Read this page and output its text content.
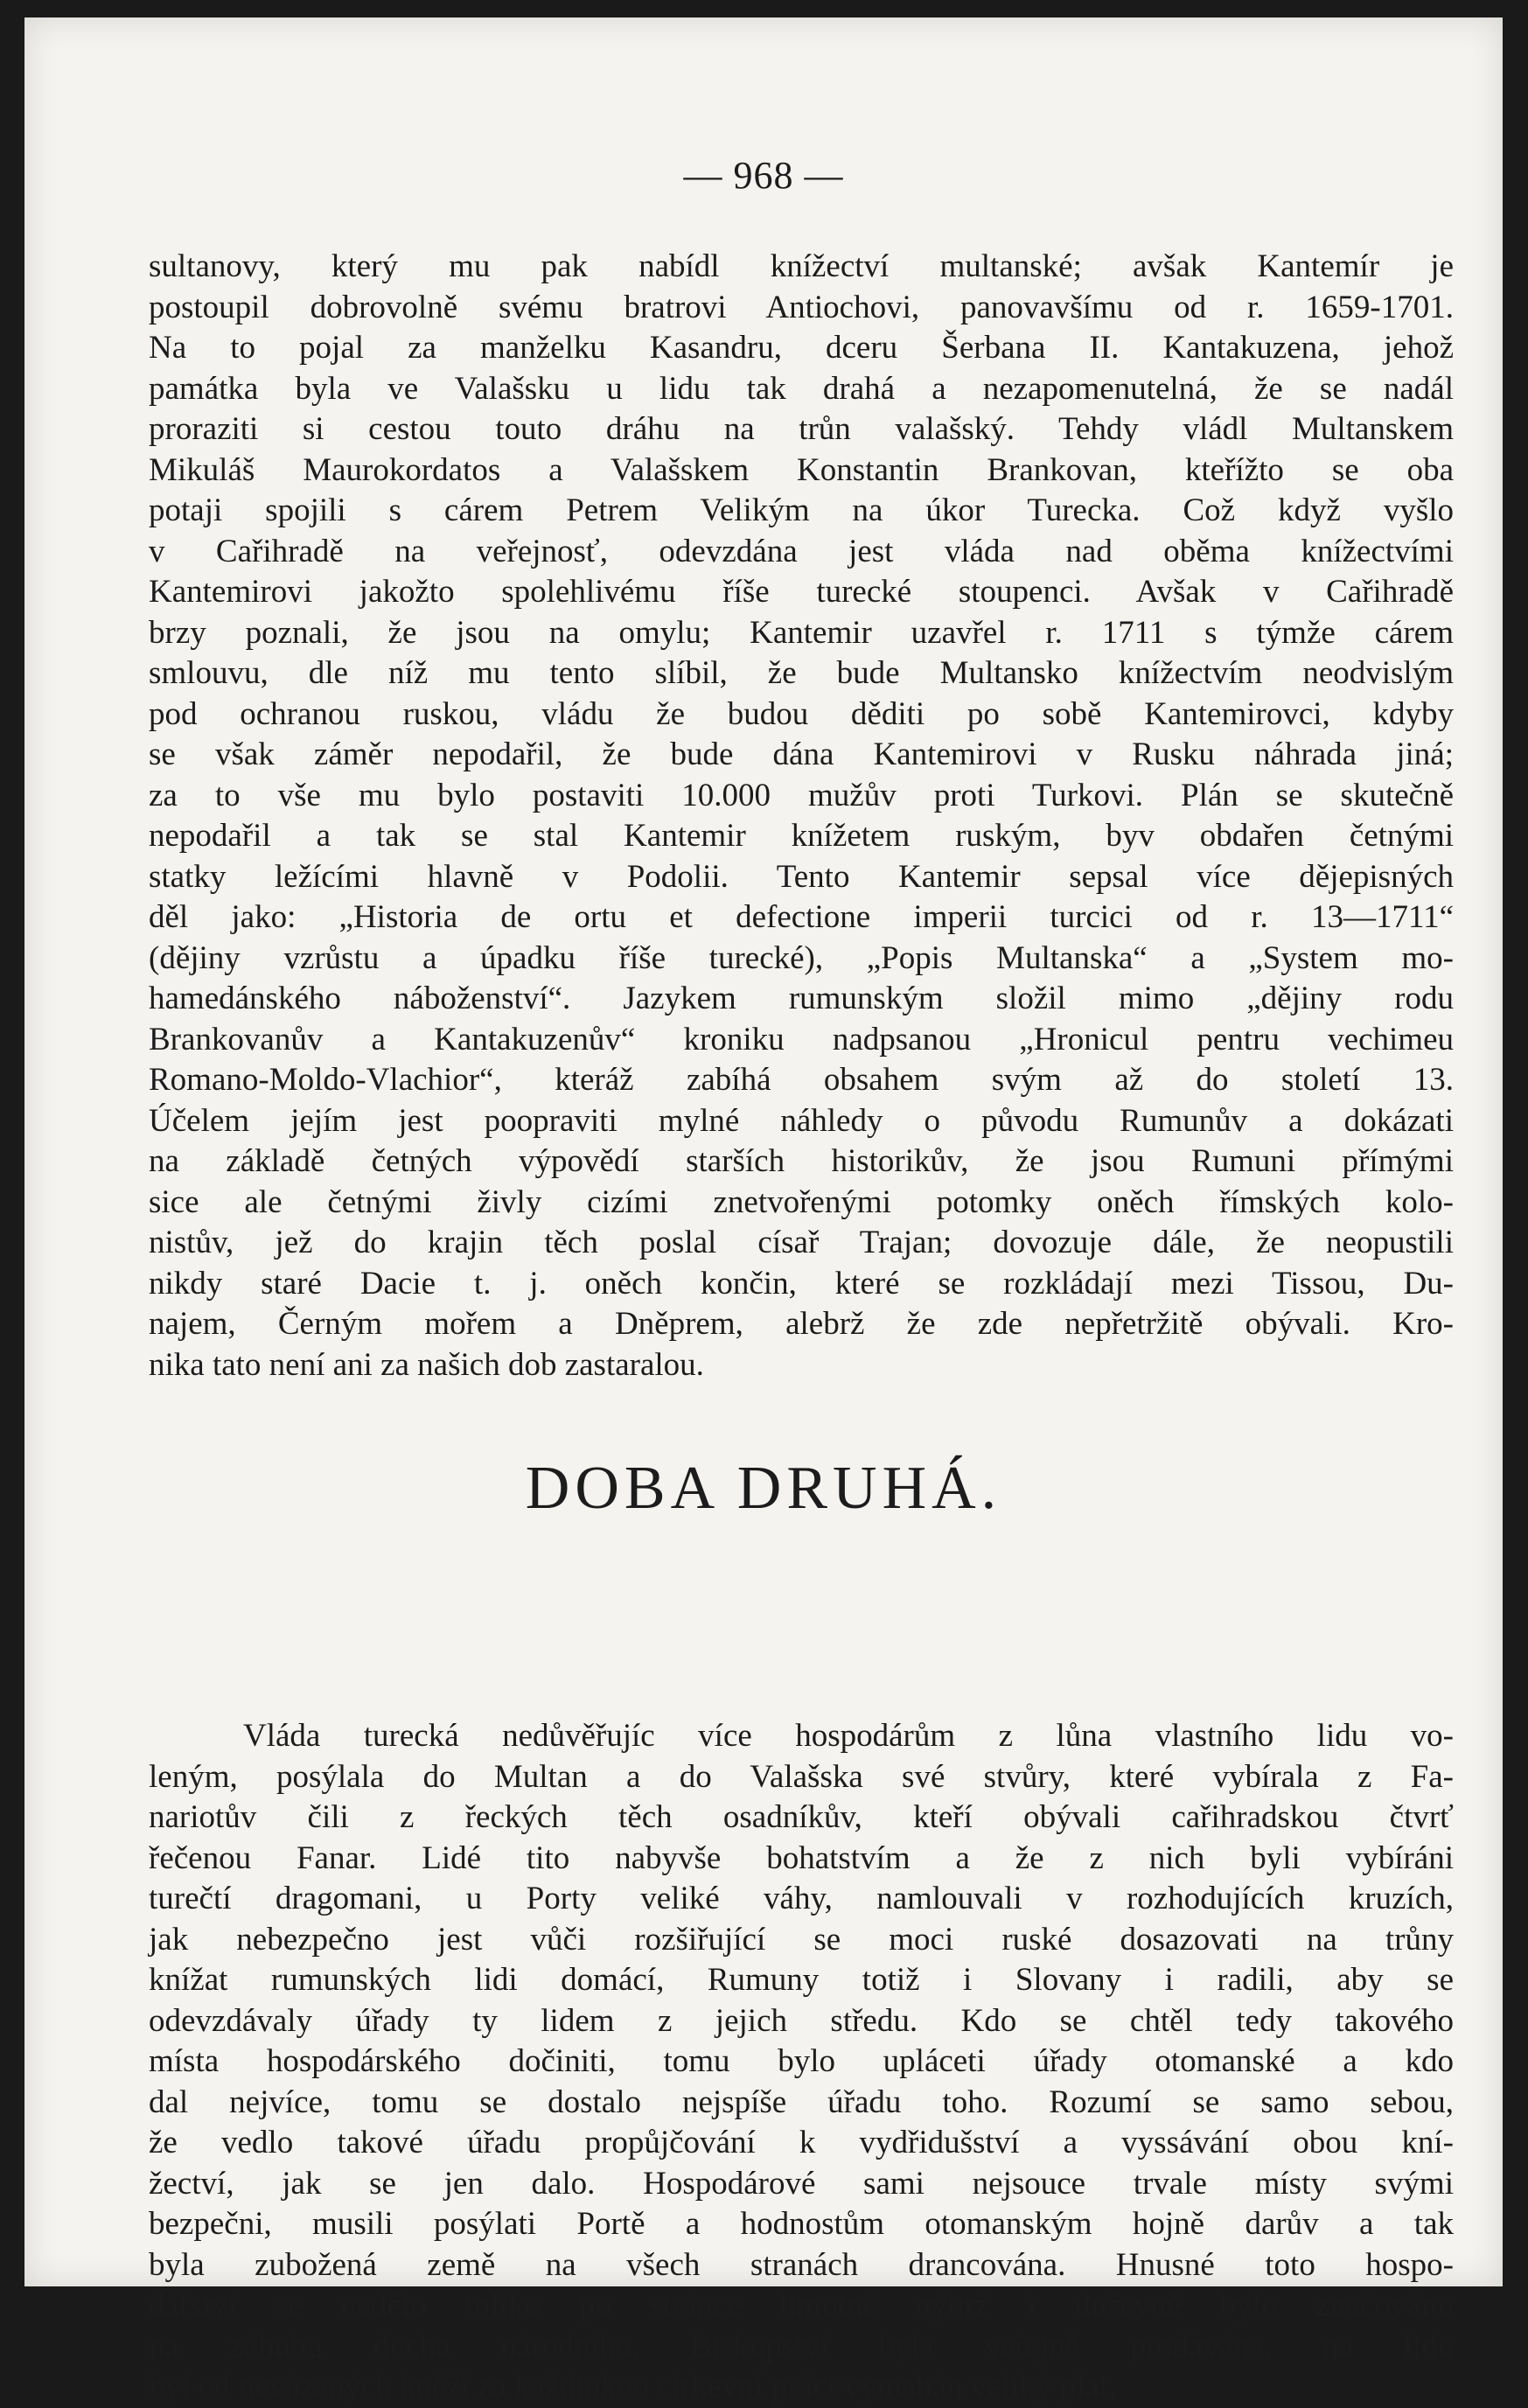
— 968 —
sultanovy, který mu pak nabídl knížectví multanské; avšak Kantemír je
postoupil dobrovolně svému bratrovi Antiochovi, panovavšímu od r. 1659-1701.
Na to pojal za manželku Kasandru, dceru Šerbana II. Kantakuzena, jehož
památka byla ve Valašsku u lidu tak drahá a nezapomenutelná, že se nadál
proraziti si cestou touto dráhu na trůn valašský. Tehdy vládl Multanskem
Mikuláš Maurokordatos a Valašskem Konstantin Brankovan, kteřížto se oba
potaji spojili s cárem Petrem Velikým na úkor Turecka. Což když vyšlo
v Cařihradě na veřejnosť, odevzdána jest vláda nad oběma knížectvími
Kantemirovi jakožto spolehlivému říše turecké stoupenci. Avšak v Cařihradě
brzy poznali, že jsou na omylu; Kantemir uzavřel r. 1711 s týmže cárem
smlouvu, dle níž mu tento slíbil, že bude Multansko knížectvím neodvislým
pod ochranou ruskou, vládu že budou děditi po sobě Kantemirovci, kdyby
se však záměr nepodařil, že bude dána Kantemirovi v Rusku náhrada jiná;
za to vše mu bylo postaviti 10.000 mužův proti Turkovi. Plán se skutečně
nepodařil a tak se stal Kantemir knížetem ruským, byv obdařen četnými
statky ležícími hlavně v Podolii. Tento Kantemir sepsal více dějepisných
děl jako: „Historia de ortu et defectione imperii turcici od r. 13—1711“
(dějiny vzrůstu a úpadku říše turecké), „Popis Multanska“ a „System mo-
hamedánského náboženství“. Jazykem rumunským složil mimo „dějiny rodu
Brankovanův a Kantakuzenův“ kroniku nadpsanou „Hronicul pentru vechimeu
Romano-Moldo-Vlachior“, kteráž zabíhá obsahem svým až do století 13.
Účelem jejím jest poopraviti mylné náhledy o původu Rumunův a dokázati
na základě četných výpovědí starších historikův, že jsou Rumuni přímými
sice ale četnými živly cizími znetvořenými potomky oněch římských kolo-
nistův, jež do krajin těch poslal císař Trajan; dovozuje dále, že neopustili
nikdy staré Dacie t. j. oněch končin, které se rozkládají mezi Tissou, Du-
najem, Černým mořem a Dněprem, alebrž že zde nepřetržitě obývali. Kro-
nika tato není ani za našich dob zastaralou.
DOBA DRUHÁ.
Vláda turecká nedůvěřujíc více hospodárům z lůna vlastního lidu vo-
leným, posýlala do Multan a do Valašska své stvůry, které vybírala z Fa-
nariotův čili z řeckých těch osadníkův, kteří obývali cařihradskou čtvrť
řečenou Fanar. Lidé tito nabyvše bohatstvím a že z nich byli vybíráni
turečtí dragomani, u Porty veliké váhy, namlouvali v rozhodujících kruzích,
jak nebezpečno jest vůči rozšiřující se moci ruské dosazovati na trůny
knížat rumunských lidi domácí, Rumuny totiž i Slovany i radili, aby se
odevzdávaly úřady ty lidem z jejich středu. Kdo se chtěl tedy takového
místa hospodárského dočiniti, tomu bylo upláceti úřady otomanské a kdo
dal nejvíce, tomu se dostalo nejspíše úřadu toho. Rozumí se samo sebou,
že vedlo takové úřadu propůjčování k vydřidušství a vyssávání obou kní-
žectví, jak se jen dalo. Hospodárové sami nejsouce trvale místy svými
bezpečni, musili posýlati Portě a hodnostům otomanským hojně darův a tak
byla zubožená země na všech stranách drancována. Hnusné toto hospo-
dářství se nedělo toliko po stránce hmotné nýbrž i duševně bylo značováno
na záhubu ducha národního. Biskupství byla veřejně prodávána, na lidu
byl od nevázaných kněží za každinkou církevní práci vymahán veliký plat,
